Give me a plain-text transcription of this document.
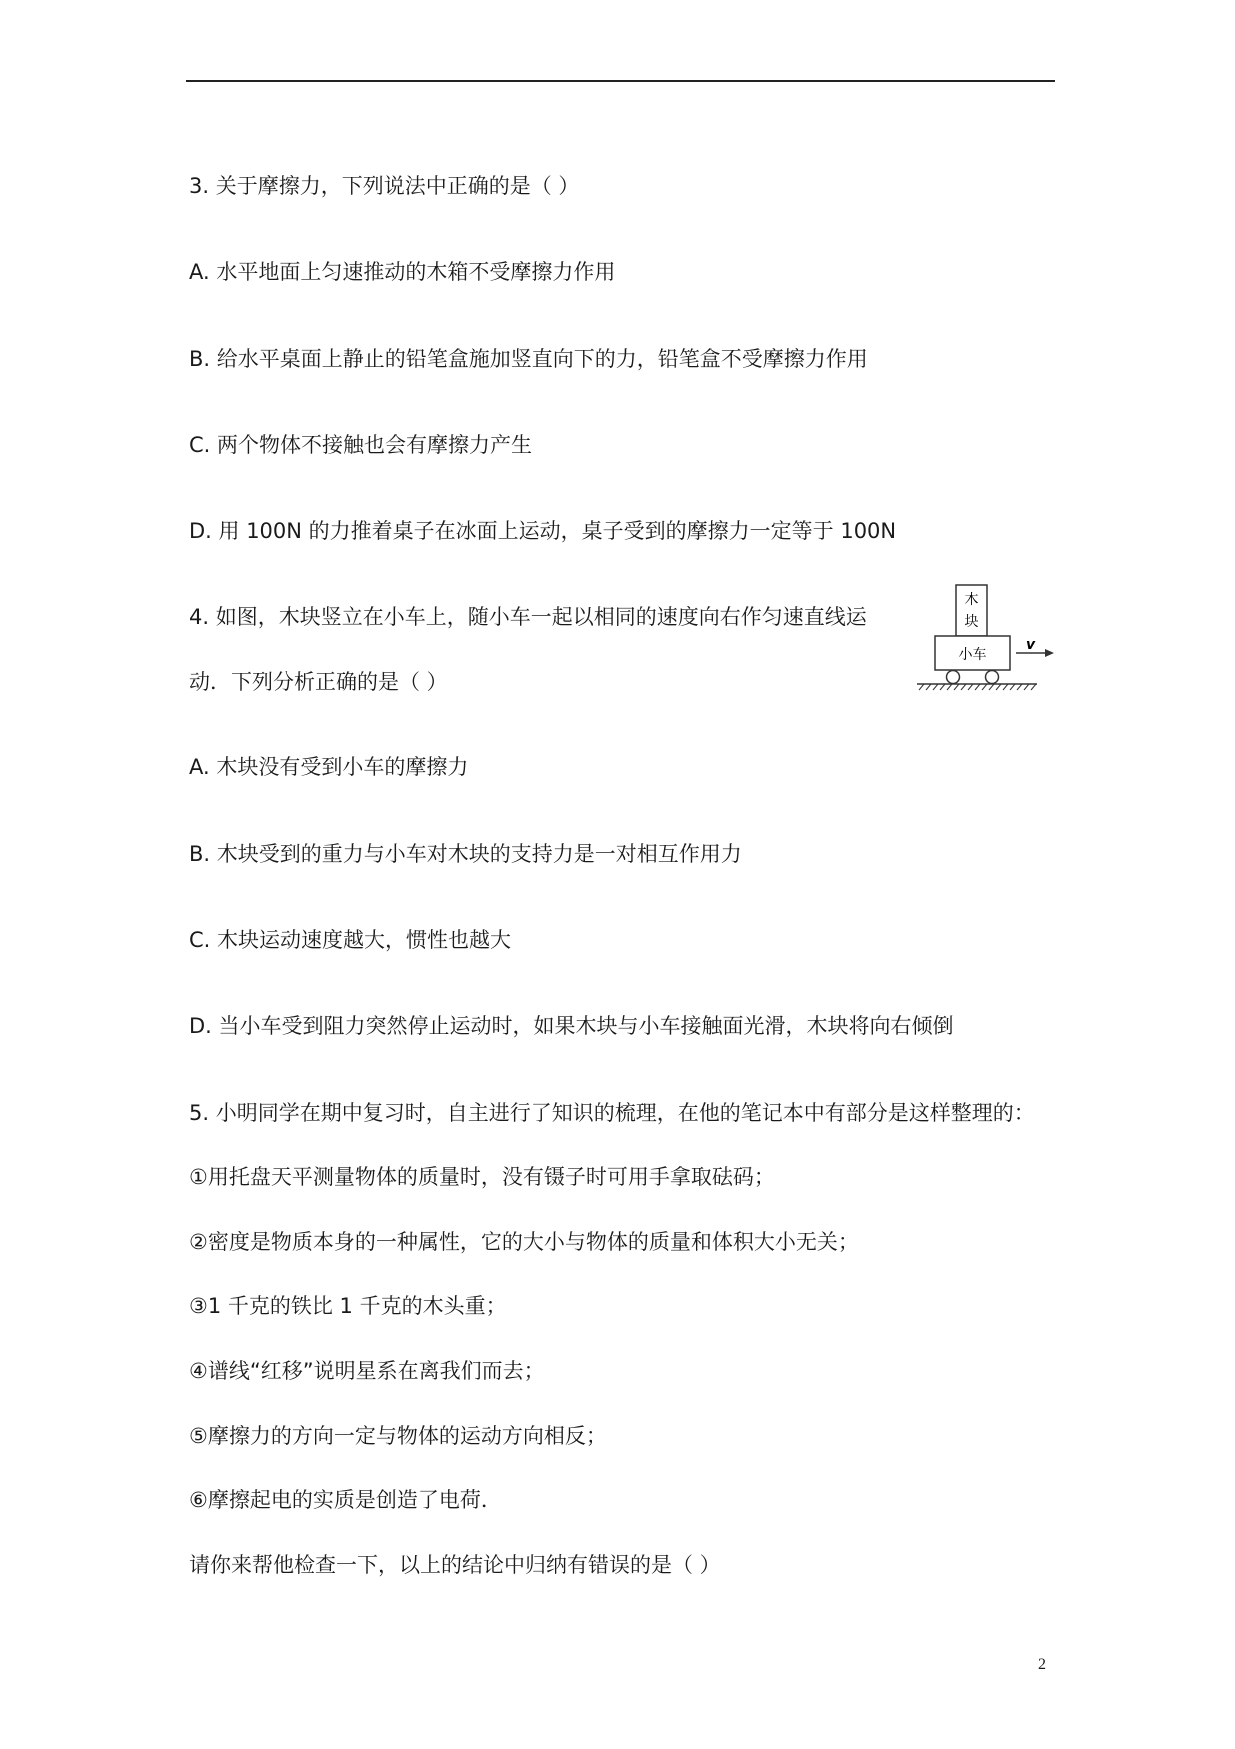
3. 关于摩擦力，下列说法中正确的是（ ）
A. 水平地面上匀速推动的木箱不受摩擦力作用
B. 给水平桌面上静止的铅笔盒施加竖直向下的力，铅笔盒不受摩擦力作用
C. 两个物体不接触也会有摩擦力产生
D. 用 100N 的力推着桌子在冰面上运动，桌子受到的摩擦力一定等于 100N
4. 如图，木块竖立在小车上，随小车一起以相同的速度向右作匀速直线运
动．下列分析正确的是（ ）
木
块
小车
v
A. 木块没有受到小车的摩擦力
B. 木块受到的重力与小车对木块的支持力是一对相互作用力
C. 木块运动速度越大，惯性也越大
D. 当小车受到阻力突然停止运动时，如果木块与小车接触面光滑，木块将向右倾倒
5. 小明同学在期中复习时，自主进行了知识的梳理，在他的笔记本中有部分是这样整理的：
①用托盘天平测量物体的质量时，没有镊子时可用手拿取砝码；
②密度是物质本身的一种属性，它的大小与物体的质量和体积大小无关；
③1 千克的铁比 1 千克的木头重；
④谱线“红移”说明星系在离我们而去；
⑤摩擦力的方向一定与物体的运动方向相反；
⑥摩擦起电的实质是创造了电荷．
请你来帮他检查一下，以上的结论中归纳有错误的是（ ）
2
